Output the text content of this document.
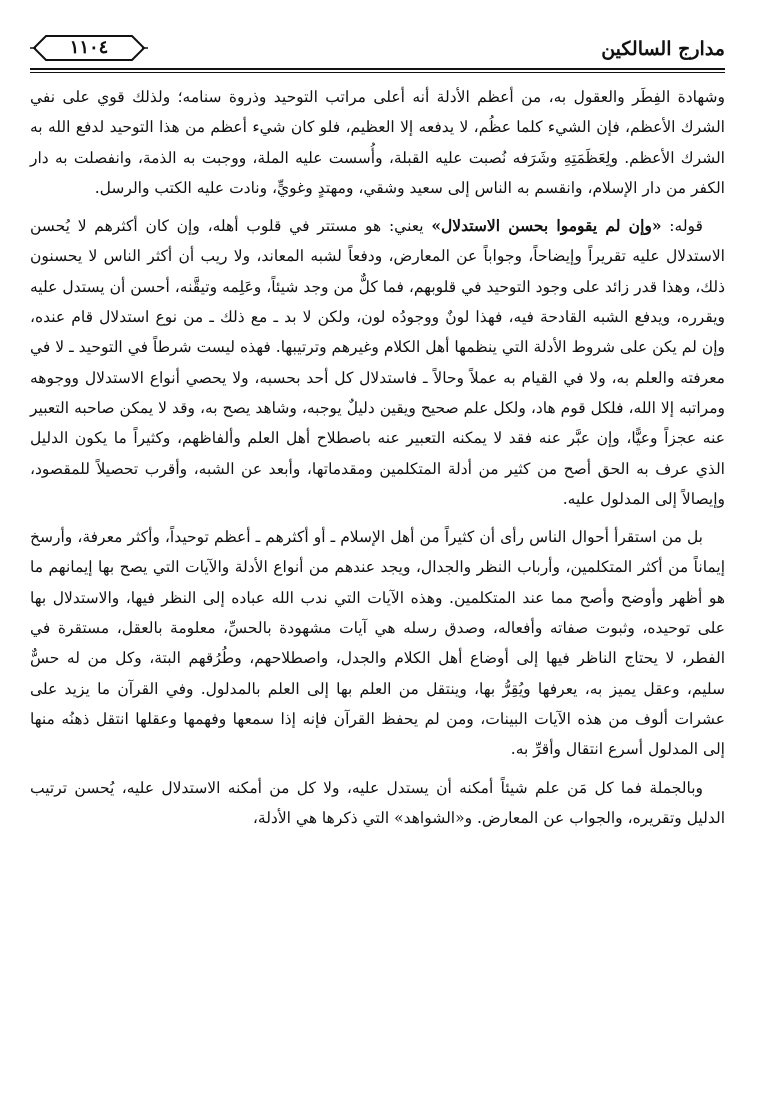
مدارج السالكين
١١٠٤

وشهادة الفِطَر والعقول به، من أعظم الأدلة أنه أعلى مراتب التوحيد وذروة سنامه؛ ولذلك قوي على نفي الشرك الأعظم، فإن الشيء كلما عظُم، لا يدفعه إلا العظيم، فلو كان شيء أعظم من هذا التوحيد لدفع الله به الشرك الأعظم. ولِعَظَمَتِهِ وشَرَفه نُصبت عليه القبلة، وأُسست عليه الملة، ووجبت به الذمة، وانفصلت به دار الكفر من دار الإسلام، وانقسم به الناس إلى سعيد وشقي، ومهتدٍ وغويٍّ، ونادت عليه الكتب والرسل.

قوله: «وإن لم يقوموا بحسن الاستدلال» يعني: هو مستتر في قلوب أهله، وإن كان أكثرهم لا يُحسن الاستدلال عليه تقريراً وإيضاحاً، وجواباً عن المعارض، ودفعاً لشبه المعاند، ولا ريب أن أكثر الناس لا يحسنون ذلك، وهذا قدر زائد على وجود التوحيد في قلوبهم، فما كلٌّ من وجد شيئاً، وعَلِمه وتيقَّنه، أحسن أن يستدل عليه ويقرره، ويدفع الشبه القادحة فيه، فهذا لونٌ ووجودُه لون، ولكن لا بد ـ مع ذلك ـ من نوع استدلال قام عنده، وإن لم يكن على شروط الأدلة التي ينظمها أهل الكلام وغيرهم وترتيبها. فهذه ليست شرطاً في التوحيد ـ لا في معرفته والعلم به، ولا في القيام به عملاً وحالاً ـ فاستدلال كل أحد بحسبه، ولا يحصي أنواع الاستدلال ووجوهه ومراتبه إلا الله، فلكل قوم هاد، ولكل علم صحيح ويقين دليلٌ يوجبه، وشاهد يصح به، وقد لا يمكن صاحبه التعبير عنه عجزاً وعيًّا، وإن عبَّر عنه فقد لا يمكنه التعبير عنه باصطلاح أهل العلم وألفاظهم، وكثيراً ما يكون الدليل الذي عرف به الحق أصح من كثير من أدلة المتكلمين ومقدماتها، وأبعد عن الشبه، وأقرب تحصيلاً للمقصود، وإيصالاً إلى المدلول عليه.

بل من استقرأ أحوال الناس رأى أن كثيراً من أهل الإسلام ـ أو أكثرهم ـ أعظم توحيداً، وأكثر معرفة، وأرسخ إيماناً من أكثر المتكلمين، وأرباب النظر والجدال، ويجد عندهم من أنواع الأدلة والآيات التي يصح بها إيمانهم ما هو أظهر وأوضح وأصح مما عند المتكلمين. وهذه الآيات التي ندب الله عباده إلى النظر فيها، والاستدلال بها على توحيده، وثبوت صفاته وأفعاله، وصدق رسله هي آيات مشهودة بالحسِّ، معلومة بالعقل، مستقرة في الفطر، لا يحتاج الناظر فيها إلى أوضاع أهل الكلام والجدل، واصطلاحهم، وطُرُقهم البتة، وكل من له حسٌّ سليم، وعقل يميز به، يعرفها ويُقِرُّ بها، وينتقل من العلم بها إلى العلم بالمدلول. وفي القرآن ما يزيد على عشرات ألوف من هذه الآيات البينات، ومن لم يحفظ القرآن فإنه إذا سمعها وفهمها وعقلها انتقل ذهنُه منها إلى المدلول أسرع انتقال وأقرِّ به.

وبالجملة فما كل مَن علم شيئاً أمكنه أن يستدل عليه، ولا كل من أمكنه الاستدلال عليه، يُحسن ترتيب الدليل وتقريره، والجواب عن المعارض. و«الشواهد» التي ذكرها هي الأدلة،
